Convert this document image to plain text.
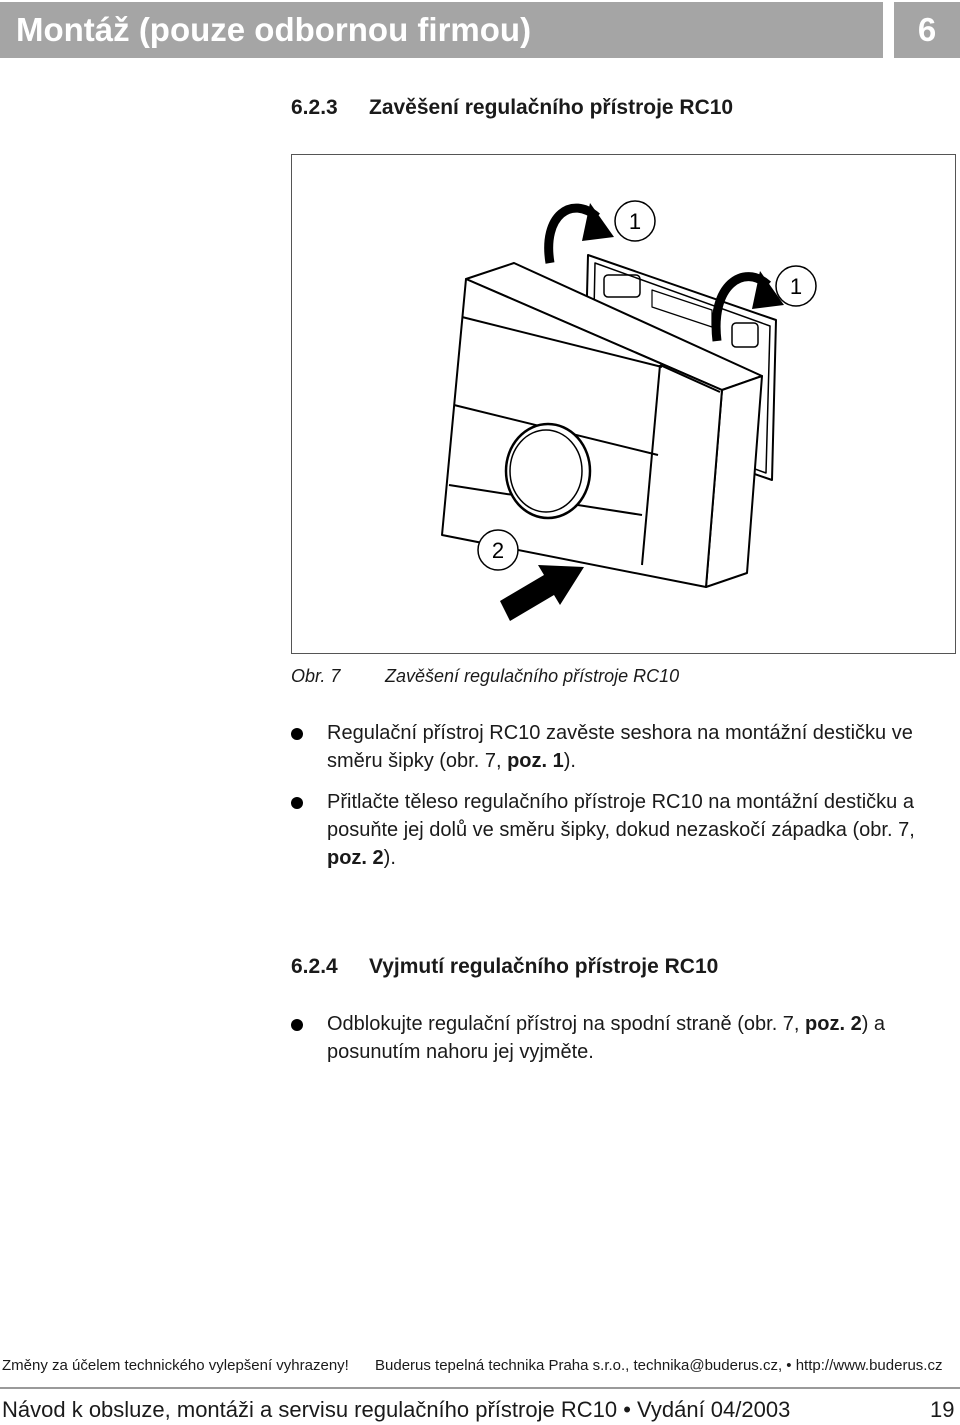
Montáž (pouze odbornou firmou)	6
6.2.3 Zavěšení regulačního přístroje RC10
1
1
2
Obr. 7 Zavěšení regulačního přístroje RC10
Regulační přístroj RC10 zavěste seshora na montážní destičku ve směru šipky (obr. 7, poz. 1).
Přitlačte těleso regulačního přístroje RC10 na montážní destičku a posuňte jej dolů ve směru šipky, dokud nezaskočí západka (obr. 7, poz. 2).
6.2.4 Vyjmutí regulačního přístroje RC10
Odblokujte regulační přístroj na spodní straně (obr. 7, poz. 2) a posunutím nahoru jej vyjměte.
Změny za účelem technického vylepšení vyhrazeny! Buderus tepelná technika Praha s.r.o., technika@buderus.cz, • http://www.buderus.cz
Návod k obsluze, montáži a servisu regulačního přístroje RC10 • Vydání 04/2003	19
